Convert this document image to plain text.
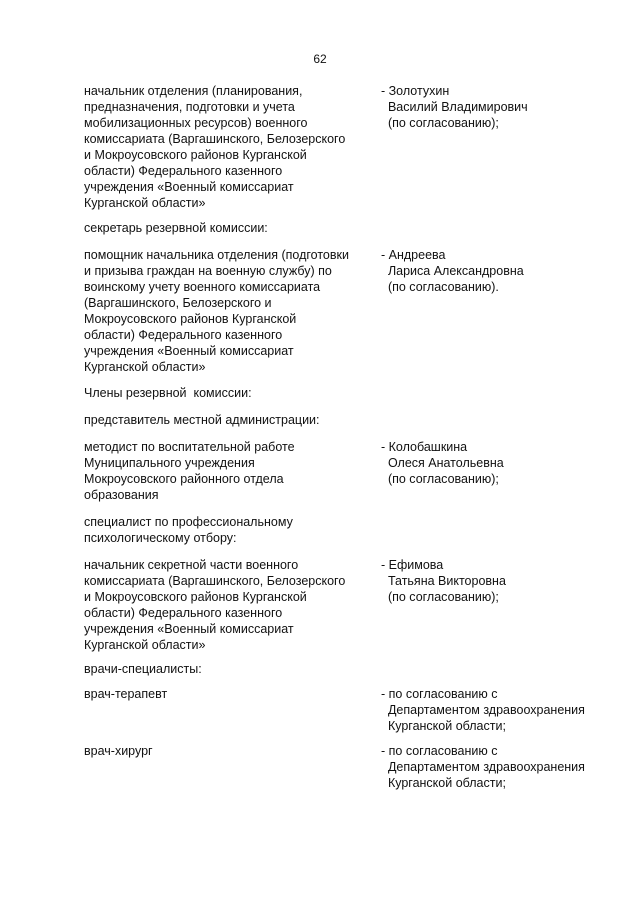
62
начальник отделения (планирования,
предназначения, подготовки и учета
мобилизационных ресурсов) военного
комиссариата (Варгашинского, Белозерского
и Мокроусовского районов Курганской
области) Федерального казенного
учреждения «Военный комиссариат
Курганской области»
- Золотухин
Василий Владимирович
(по согласованию);
секретарь резервной комиссии:
помощник начальника отделения (подготовки
и призыва граждан на военную службу) по
воинскому учету военного комиссариата
(Варгашинского, Белозерского и
Мокроусовского районов Курганской
области) Федерального казенного
учреждения «Военный комиссариат
Курганской области»
- Андреева
Лариса Александровна
(по согласованию).
Члены резервной  комиссии:
представитель местной администрации:
методист по воспитательной работе
Муниципального учреждения
Мокроусовского районного отдела
образования
- Колобашкина
Олеся Анатольевна
(по согласованию);
специалист по профессиональному
психологическому отбору:
начальник секретной части военного
комиссариата (Варгашинского, Белозерского
и Мокроусовского районов Курганской
области) Федерального казенного
учреждения «Военный комиссариат
Курганской области»
- Ефимова
Татьяна Викторовна
(по согласованию);
врачи-специалисты:
врач-терапевт	- по согласованию с
Департаментом здравоохранения
Курганской области;
врач-хирург	- по согласованию с
Департаментом здравоохранения
Курганской области;
